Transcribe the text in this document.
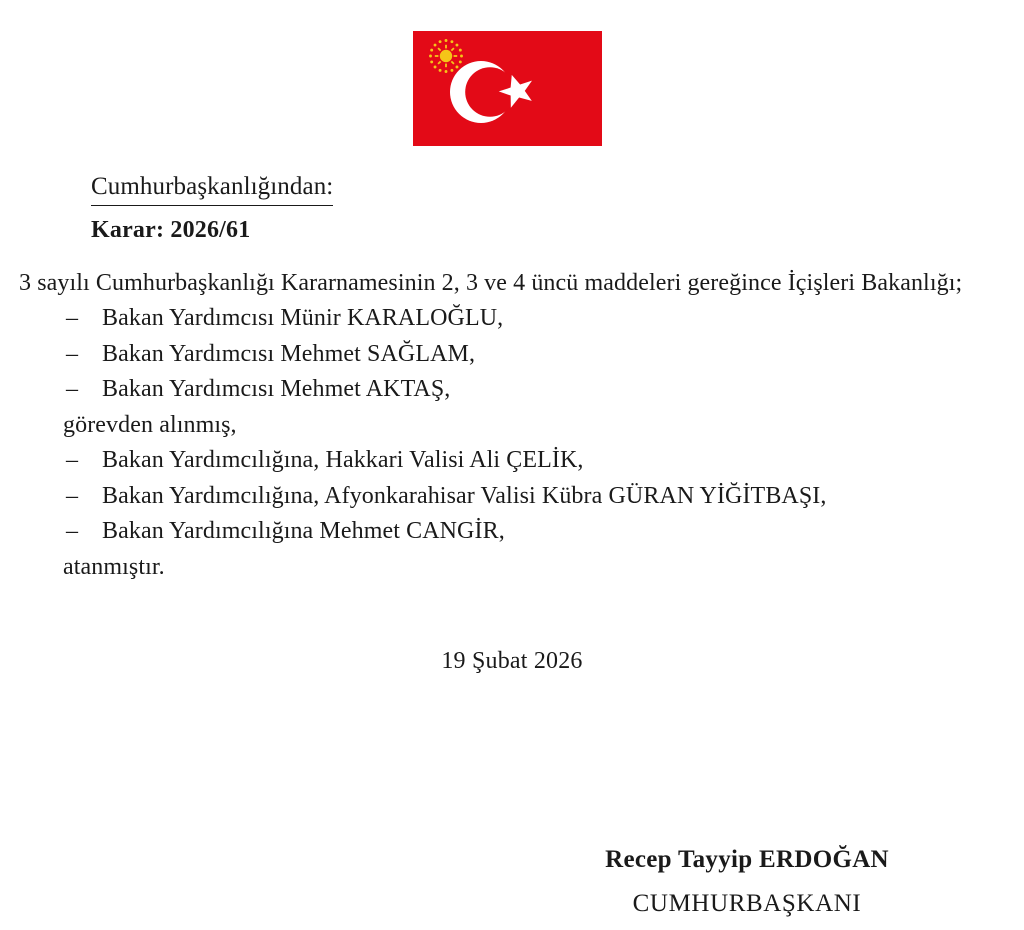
Cumhurbaşkanlığından:
Karar: 2026/61

3 sayılı Cumhurbaşkanlığı Kararnamesinin 2, 3 ve 4 üncü maddeleri gereğince İçişleri Bakanlığı;

– Bakan Yardımcısı Münir KARALOĞLU,
– Bakan Yardımcısı Mehmet SAĞLAM,
– Bakan Yardımcısı Mehmet AKTAŞ,

görevden alınmış,

– Bakan Yardımcılığına, Hakkari Valisi Ali ÇELİK,
– Bakan Yardımcılığına, Afyonkarahisar Valisi Kübra GÜRAN YİĞİTBAŞI,
– Bakan Yardımcılığına Mehmet CANGİR,

atanmıştır.

19 Şubat 2026
Recep Tayyip ERDOĞAN
CUMHURBAŞKANI
